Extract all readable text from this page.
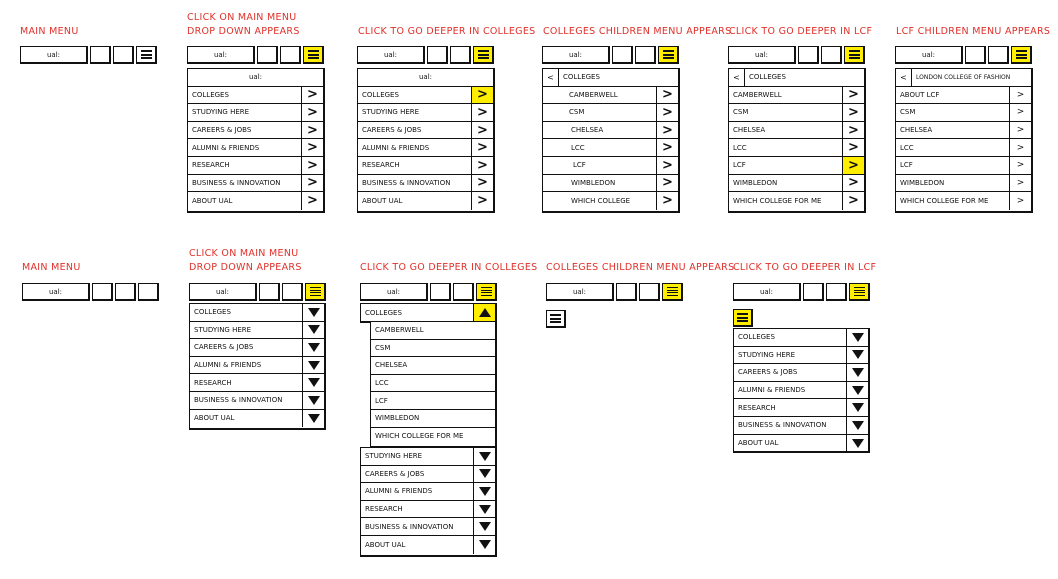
MAIN MENU
ual:
CLICK ON MAIN MENU
DROP DOWN APPEARS
ual:
ual:
COLLEGES	>
STUDYING HERE	>
CAREERS & JOBS	>
ALUMNI & FRIENDS	>
RESEARCH	>
BUSINESS & INNOVATION	>
ABOUT UAL	>
CLICK TO GO DEEPER IN COLLEGES
ual:
ual:
COLLEGES	>
STUDYING HERE	>
CAREERS & JOBS	>
ALUMNI & FRIENDS	>
RESEARCH	>
BUSINESS & INNOVATION	>
ABOUT UAL	>
COLLEGES CHILDREN MENU APPEARS
ual:
<	COLLEGES
CAMBERWELL	>
CSM	>
CHELSEA	>
LCC	>
LCF	>
WIMBLEDON	>
WHICH COLLEGE	>
CLICK TO GO DEEPER IN LCF
ual:
<	COLLEGES
CAMBERWELL	>
CSM	>
CHELSEA	>
LCC	>
LCF	>
WIMBLEDON	>
WHICH COLLEGE FOR ME	>
LCF CHILDREN MENU APPEARS
ual:
<	LONDON COLLEGE OF FASHION
ABOUT LCF	>
CSM	>
CHELSEA	>
LCC	>
LCF	>
WIMBLEDON	>
WHICH COLLEGE FOR ME	>
MAIN MENU
ual:
CLICK ON MAIN MENU
DROP DOWN APPEARS
ual:
COLLEGES
STUDYING HERE
CAREERS & JOBS
ALUMNI & FRIENDS
RESEARCH
BUSINESS & INNOVATION
ABOUT UAL
CLICK TO GO DEEPER IN COLLEGES
ual:
COLLEGES
CAMBERWELL
CSM
CHELSEA
LCC
LCF
WIMBLEDON
WHICH COLLEGE FOR ME
STUDYING HERE
CAREERS & JOBS
ALUMNI & FRIENDS
RESEARCH
BUSINESS & INNOVATION
ABOUT UAL
COLLEGES CHILDREN MENU APPEARS
ual:
CLICK TO GO DEEPER IN LCF
ual:
COLLEGES
STUDYING HERE
CAREERS & JOBS
ALUMNI & FRIENDS
RESEARCH
BUSINESS & INNOVATION
ABOUT UAL
